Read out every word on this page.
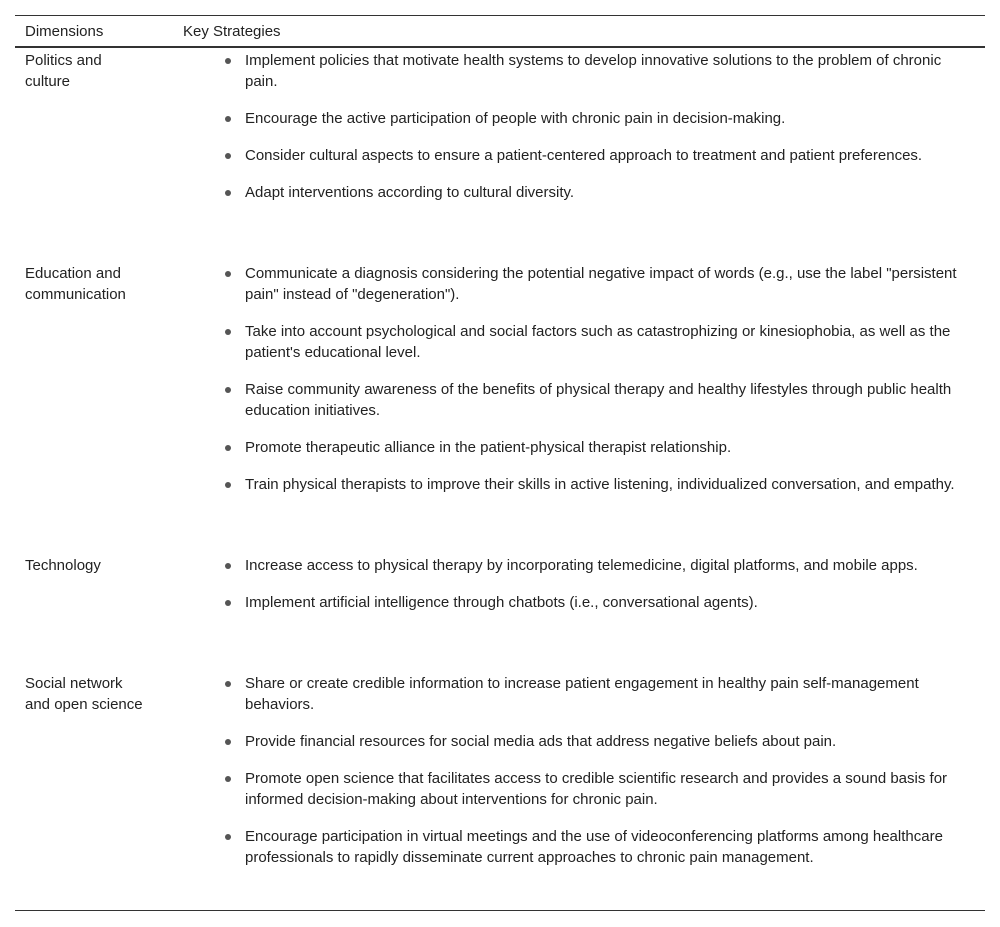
Dimensions	Key Strategies
Politics and culture
Implement policies that motivate health systems to develop innovative solutions to the problem of chronic pain.
Encourage the active participation of people with chronic pain in decision-making.
Consider cultural aspects to ensure a patient-centered approach to treatment and patient preferences.
Adapt interventions according to cultural diversity.
Education and communication
Communicate a diagnosis considering the potential negative impact of words (e.g., use the label "persistent pain" instead of "degeneration").
Take into account psychological and social factors such as catastrophizing or kinesiophobia, as well as the patient's educational level.
Raise community awareness of the benefits of physical therapy and healthy lifestyles through public health education initiatives.
Promote therapeutic alliance in the patient-physical therapist relationship.
Train physical therapists to improve their skills in active listening, individualized conversation, and empathy.
Technology	Increase access to physical therapy by incorporating telemedicine, digital platforms, and mobile apps.
Implement artificial intelligence through chatbots (i.e., conversational agents).
Social network and open science
Share or create credible information to increase patient engagement in healthy pain self-management behaviors.
Provide financial resources for social media ads that address negative beliefs about pain.
Promote open science that facilitates access to credible scientific research and provides a sound basis for informed decision-making about interventions for chronic pain.
Encourage participation in virtual meetings and the use of videoconferencing platforms among healthcare professionals to rapidly disseminate current approaches to chronic pain management.
